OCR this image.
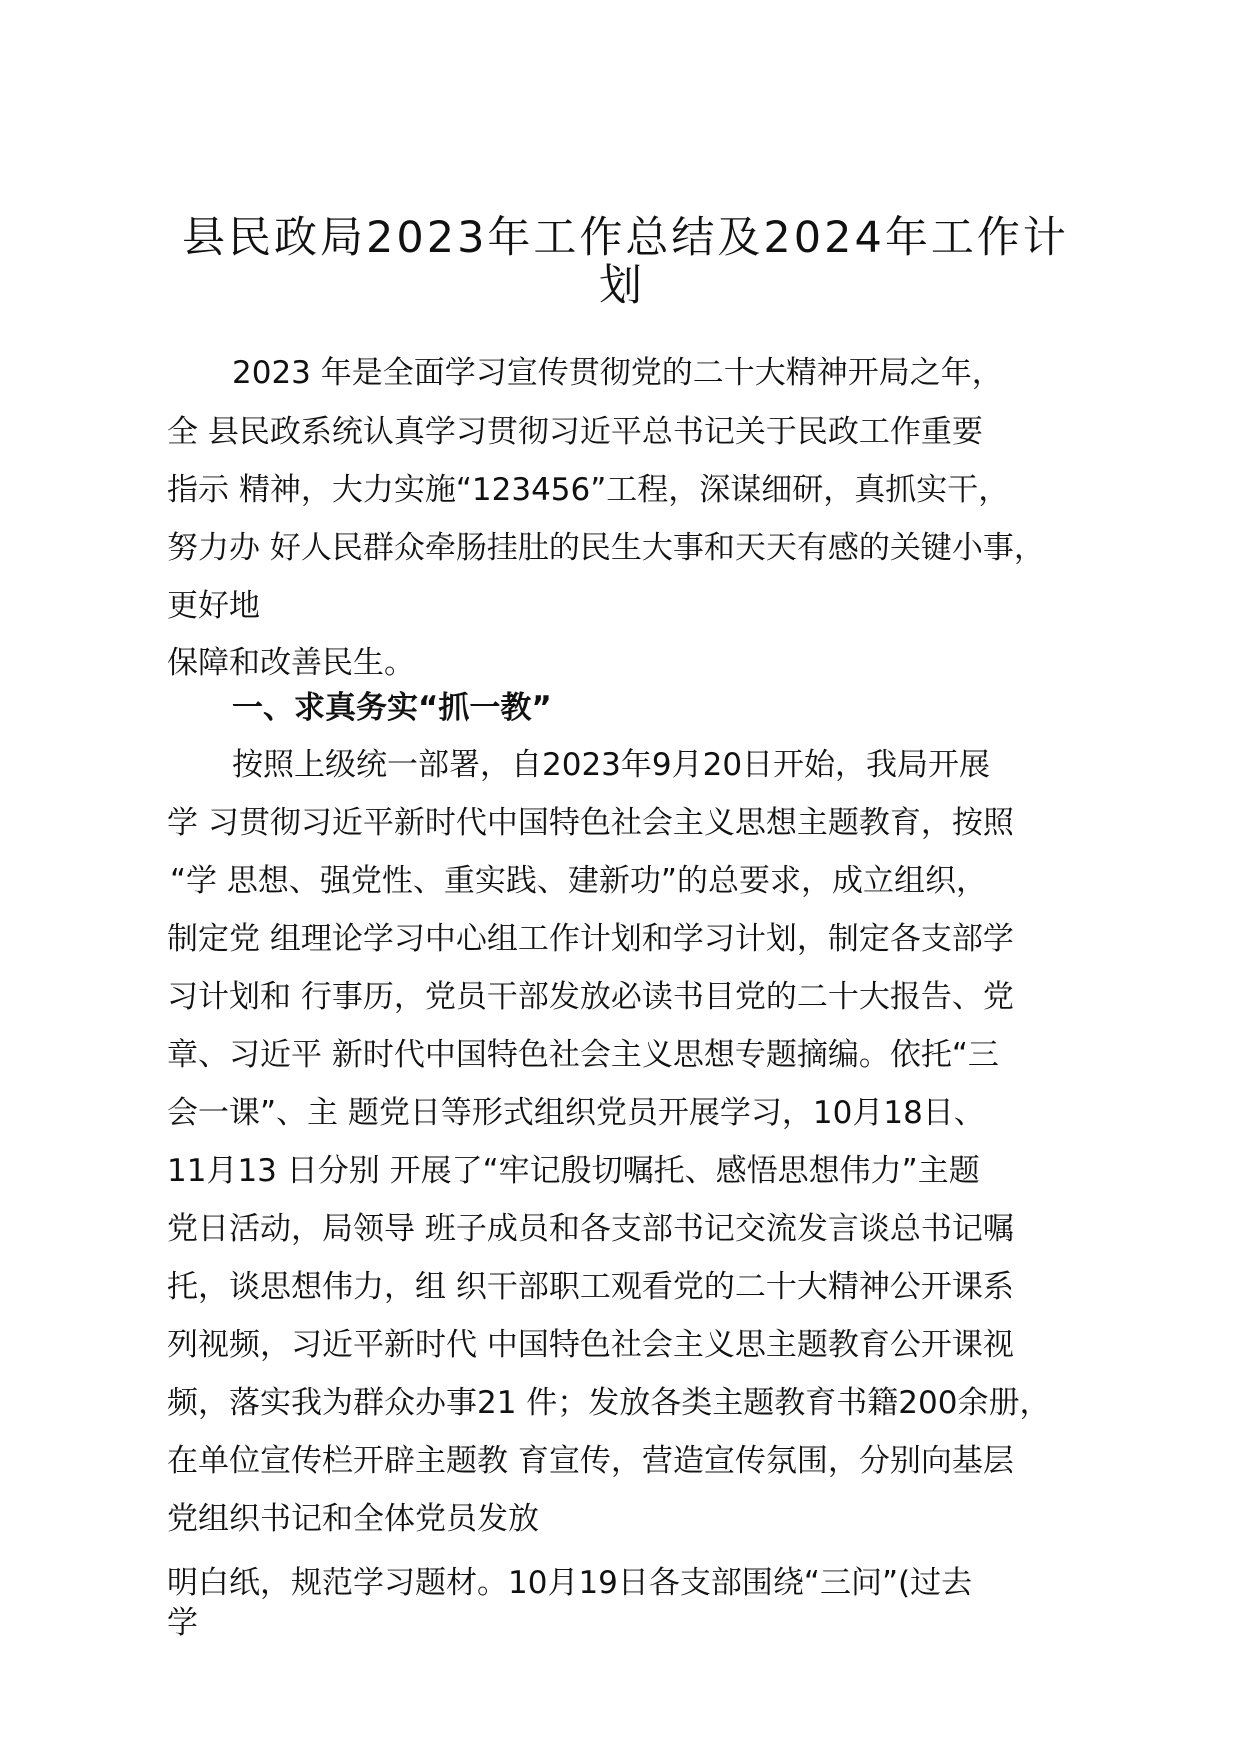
县民政局2023年工作总结及2024年工作计
划
2023 年是全面学习宣传贯彻党的二十大精神开局之年，
全 县民政系统认真学习贯彻习近平总书记关于民政工作重要
指示 精神，大力实施“123456”工程，深谋细研，真抓实干，
努力办 好人民群众牵肠挂肚的民生大事和天天有感的关键小事，
更好地
保障和改善民生。
一、求真务实“抓一教”
按照上级统一部署，自2023年9月20日开始，我局开展
学 习贯彻习近平新时代中国特色社会主义思想主题教育，按照
“学 思想、强党性、重实践、建新功”的总要求，成立组织，
制定党 组理论学习中心组工作计划和学习计划，制定各支部学
习计划和 行事历，党员干部发放必读书目党的二十大报告、党
章、习近平 新时代中国特色社会主义思想专题摘编。依托“三
会一课”、主 题党日等形式组织党员开展学习，10月18日、
11月13 日分别 开展了“牢记殷切嘱托、感悟思想伟力”主题
党日活动，局领导 班子成员和各支部书记交流发言谈总书记嘱
托，谈思想伟力，组 织干部职工观看党的二十大精神公开课系
列视频，习近平新时代 中国特色社会主义思主题教育公开课视
频，落实我为群众办事21 件；发放各类主题教育书籍200余册，
在单位宣传栏开辟主题教 育宣传，营造宣传氛围，分别向基层
党组织书记和全体党员发放
明白纸，规范学习题材。10月19日各支部围绕“三问”(过去
学
